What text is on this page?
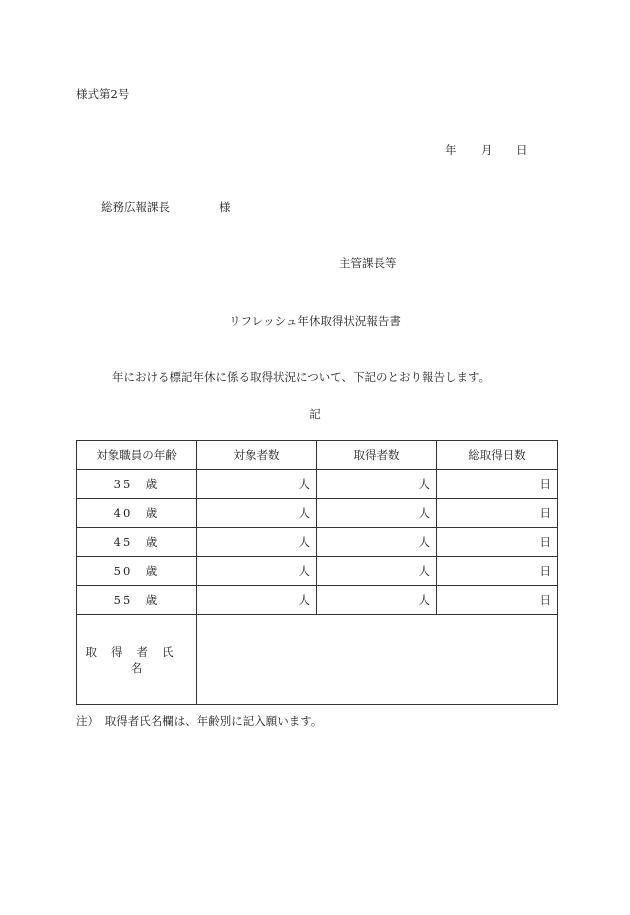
様式第2号
年 月 日
総務広報課長	様
主管課長等
リフレッシュ年休取得状況報告書
年における標記年休に係る取得状況について、下記のとおり報告します。
記
対象職員の年齢	対象者数	取得者数	総取得日数
35　歳	人	人	日
40　歳	人	人	日
45　歳	人	人	日
50　歳	人	人	日
55　歳	人	人	日
取得者氏名			
注）　取得者氏名欄は、年齢別に記入願います。
